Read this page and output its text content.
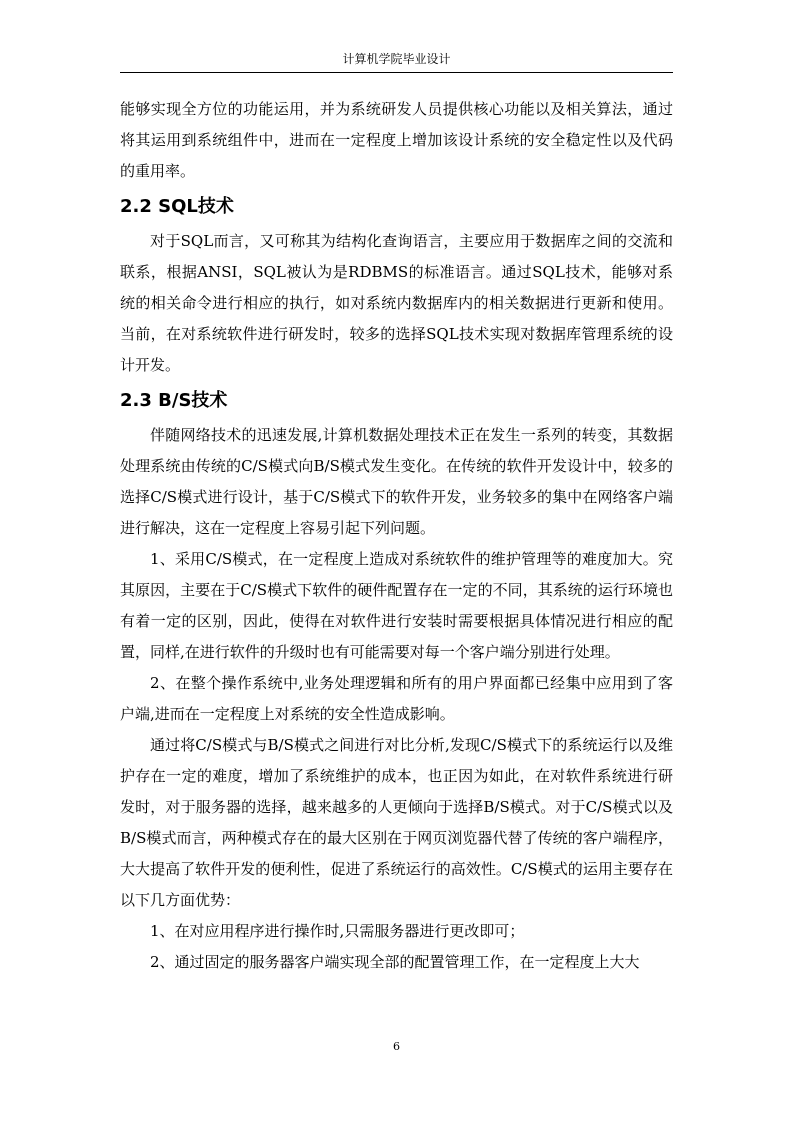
计算机学院毕业设计

能够实现全方位的功能运用，并为系统研发人员提供核心功能以及相关算法，通过将其运用到系统组件中，进而在一定程度上增加该设计系统的安全稳定性以及代码的重用率。

2.2 SQL技术

对于SQL而言，又可称其为结构化查询语言，主要应用于数据库之间的交流和联系，根据ANSI，SQL被认为是RDBMS的标准语言。通过SQL技术，能够对系统的相关命令进行相应的执行，如对系统内数据库内的相关数据进行更新和使用。当前，在对系统软件进行研发时，较多的选择SQL技术实现对数据库管理系统的设计开发。

2.3 B/S技术

伴随网络技术的迅速发展,计算机数据处理技术正在发生一系列的转变，其数据处理系统由传统的C/S模式向B/S模式发生变化。在传统的软件开发设计中，较多的选择C/S模式进行设计，基于C/S模式下的软件开发，业务较多的集中在网络客户端进行解决，这在一定程度上容易引起下列问题。

1、采用C/S模式，在一定程度上造成对系统软件的维护管理等的难度加大。究其原因，主要在于C/S模式下软件的硬件配置存在一定的不同，其系统的运行环境也有着一定的区别，因此，使得在对软件进行安装时需要根据具体情况进行相应的配置，同样,在进行软件的升级时也有可能需要对每一个客户端分别进行处理。

2、在整个操作系统中,业务处理逻辑和所有的用户界面都已经集中应用到了客户端,进而在一定程度上对系统的安全性造成影响。

通过将C/S模式与B/S模式之间进行对比分析,发现C/S模式下的系统运行以及维护存在一定的难度，增加了系统维护的成本，也正因为如此，在对软件系统进行研发时，对于服务器的选择，越来越多的人更倾向于选择B/S模式。对于C/S模式以及B/S模式而言，两种模式存在的最大区别在于网页浏览器代替了传统的客户端程序，大大提高了软件开发的便利性，促进了系统运行的高效性。C/S模式的运用主要存在以下几方面优势：

1、在对应用程序进行操作时,只需服务器进行更改即可；

2、通过固定的服务器客户端实现全部的配置管理工作，在一定程度上大大

6
